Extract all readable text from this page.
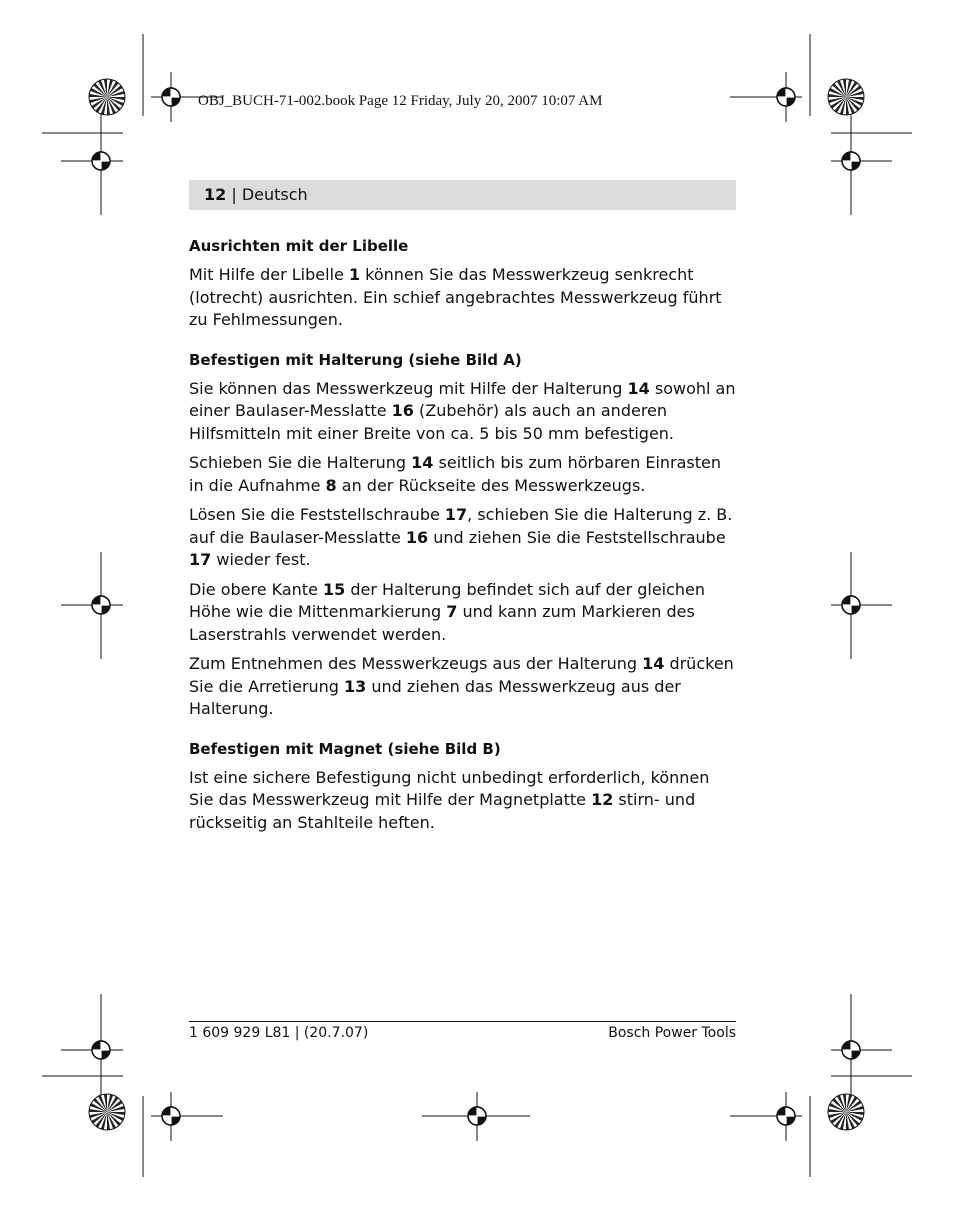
OBJ_BUCH-71-002.book Page 12 Friday, July 20, 2007 10:07 AM
12 | Deutsch
Ausrichten mit der Libelle

Mit Hilfe der Libelle 1 können Sie das Messwerkzeug senkrecht (lotrecht) ausrichten. Ein schief angebrachtes Messwerkzeug führt zu Fehlmessungen.

Befestigen mit Halterung (siehe Bild A)

Sie können das Messwerkzeug mit Hilfe der Halterung 14 sowohl an einer Baulaser-Messlatte 16 (Zubehör) als auch an anderen Hilfsmitteln mit einer Breite von ca. 5 bis 50 mm befestigen.

Schieben Sie die Halterung 14 seitlich bis zum hörbaren Einrasten in die Aufnahme 8 an der Rückseite des Messwerkzeugs.

Lösen Sie die Feststellschraube 17, schieben Sie die Halterung z. B. auf die Baulaser-Messlatte 16 und ziehen Sie die Feststellschraube 17 wieder fest.

Die obere Kante 15 der Halterung befindet sich auf der gleichen Höhe wie die Mittenmarkierung 7 und kann zum Markieren des Laserstrahls verwendet werden.

Zum Entnehmen des Messwerkzeugs aus der Halterung 14 drücken Sie die Arretierung 13 und ziehen das Messwerkzeug aus der Halterung.

Befestigen mit Magnet (siehe Bild B)

Ist eine sichere Befestigung nicht unbedingt erforderlich, können Sie das Messwerkzeug mit Hilfe der Magnetplatte 12 stirn- und rückseitig an Stahlteile heften.

1 609 929 L81 | (20.7.07)	Bosch Power Tools
